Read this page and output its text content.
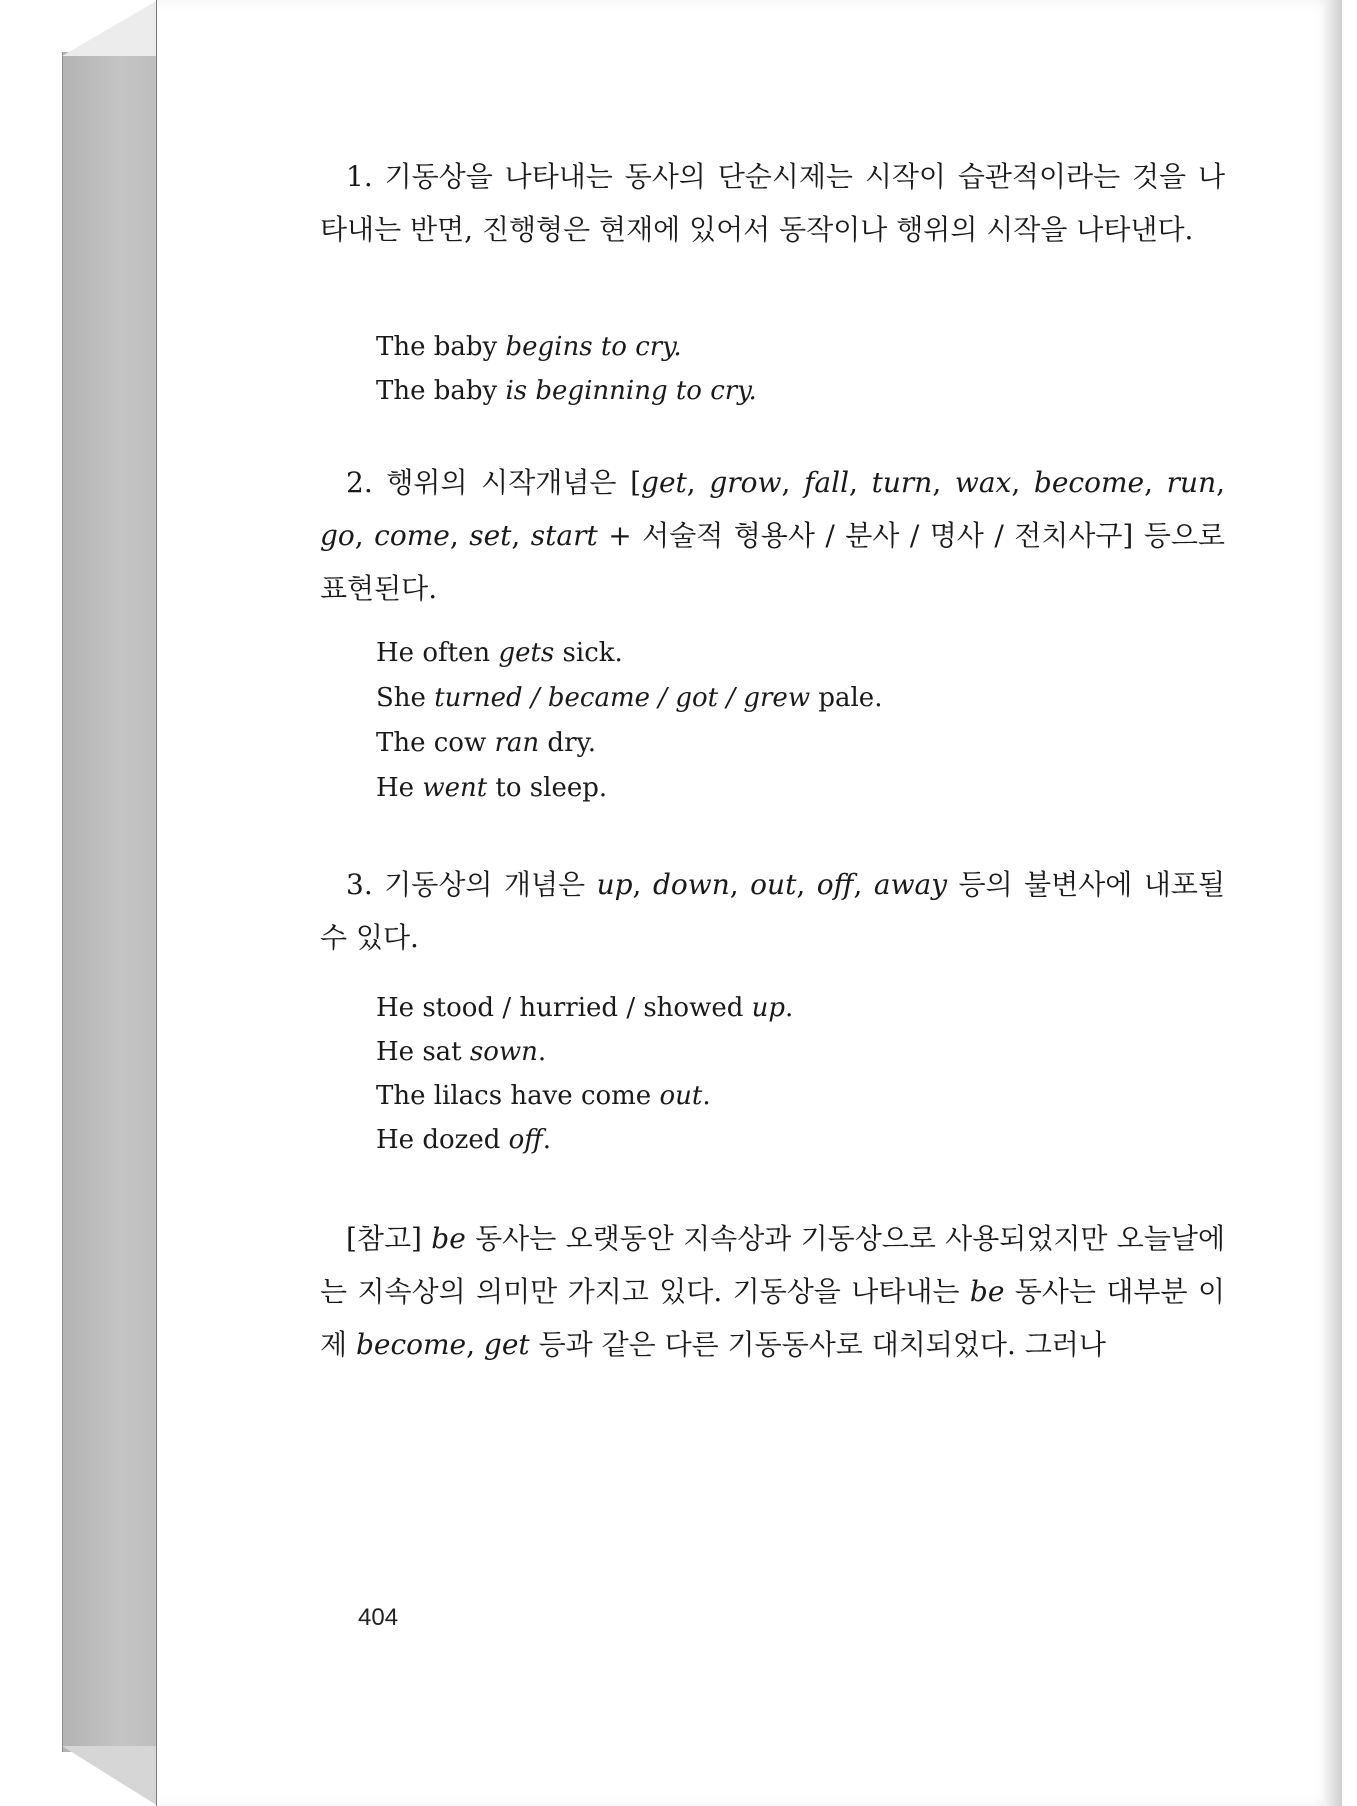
1. 기동상을 나타내는 동사의 단순시제는 시작이 습관적이라는 것을 나타내는 반면, 진행형은 현재에 있어서 동작이나 행위의 시작을 나타낸다.
The baby begins to cry.
The baby is beginning to cry.
2. 행위의 시작개념은 [get, grow, fall, turn, wax, become, run, go, come, set, start + 서술적 형용사 / 분사 / 명사 / 전치사구] 등으로 표현된다.
He often gets sick.
She turned / became / got / grew pale.
The cow ran dry.
He went to sleep.
3. 기동상의 개념은 up, down, out, off, away 등의 불변사에 내포될 수 있다.
He stood / hurried / showed up.
He sat sown.
The lilacs have come out.
He dozed off.
[참고] be 동사는 오랫동안 지속상과 기동상으로 사용되었지만 오늘날에는 지속상의 의미만 가지고 있다. 기동상을 나타내는 be 동사는 대부분 이제 become, get 등과 같은 다른 기동동사로 대치되었다. 그러나
404
